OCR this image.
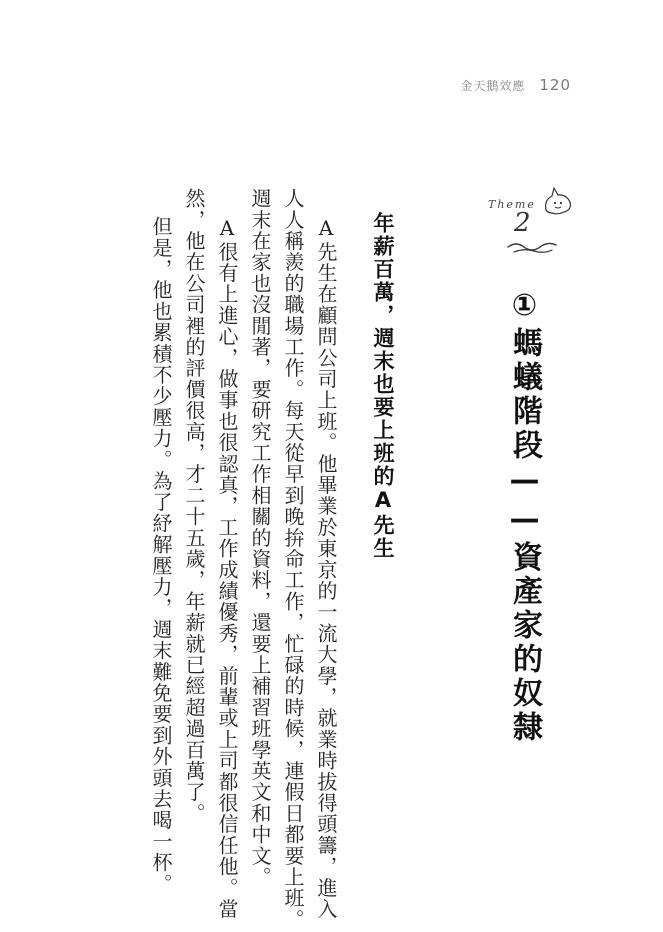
金天鵝效應 120
Theme
2
①螞蟻階段——資產家的奴隸
年薪百萬，週末也要上班的A先生
A先生在顧問公司上班。他畢業於東京的一流大學，就業時拔得頭籌，進入
人人稱羨的職場工作。每天從早到晚拚命工作，忙碌的時候，連假日都要上班。
週末在家也沒閒著，要研究工作相關的資料，還要上補習班學英文和中文。
A很有上進心，做事也很認真，工作成績優秀，前輩或上司都很信任他。當
然，他在公司裡的評價很高，才二十五歲，年薪就已經超過百萬了。
但是，他也累積不少壓力。為了紓解壓力，週末難免要到外頭去喝一杯。
